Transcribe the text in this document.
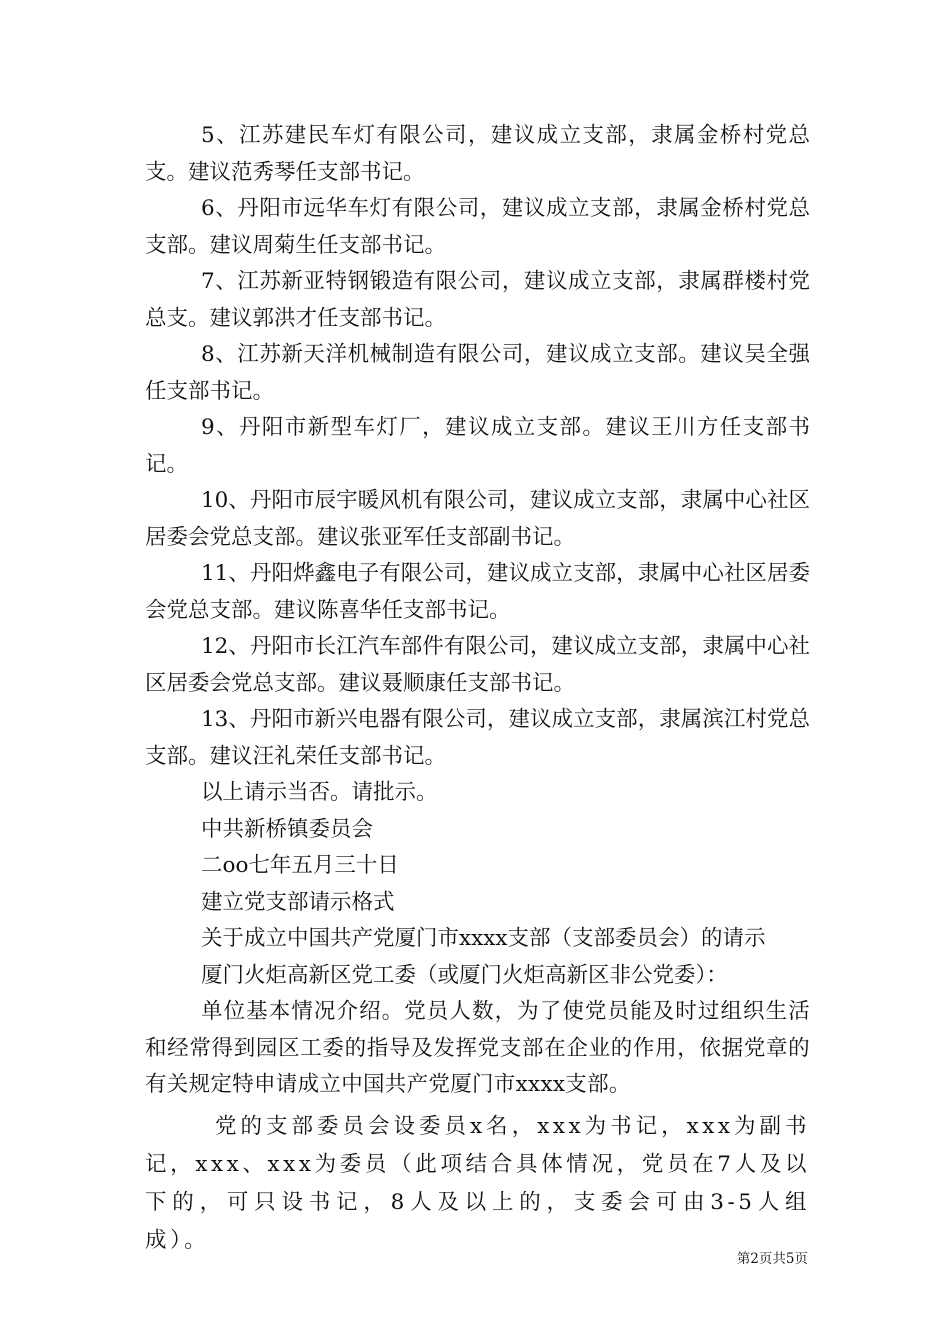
5、江苏建民车灯有限公司，建议成立支部，隶属金桥村党总支。建议范秀琴任支部书记。

6、丹阳市远华车灯有限公司，建议成立支部，隶属金桥村党总支部。建议周菊生任支部书记。

7、江苏新亚特钢锻造有限公司，建议成立支部，隶属群楼村党总支。建议郭洪才任支部书记。

8、江苏新天洋机械制造有限公司，建议成立支部。建议吴全强任支部书记。

9、丹阳市新型车灯厂，建议成立支部。建议王川方任支部书记。

10、丹阳市辰宇暖风机有限公司，建议成立支部，隶属中心社区居委会党总支部。建议张亚军任支部副书记。

11、丹阳烨鑫电子有限公司，建议成立支部，隶属中心社区居委会党总支部。建议陈喜华任支部书记。

12、丹阳市长江汽车部件有限公司，建议成立支部，隶属中心社区居委会党总支部。建议聂顺康任支部书记。

13、丹阳市新兴电器有限公司，建议成立支部，隶属滨江村党总支部。建议汪礼荣任支部书记。

以上请示当否。请批示。

中共新桥镇委员会

二oo七年五月三十日

建立党支部请示格式

关于成立中国共产党厦门市xxxx支部（支部委员会）的请示

厦门火炬高新区党工委（或厦门火炬高新区非公党委）：

单位基本情况介绍。党员人数，为了使党员能及时过组织生活和经常得到园区工委的指导及发挥党支部在企业的作用，依据党章的有关规定特申请成立中国共产党厦门市xxxx支部。

党的支部委员会设委员x名，xxx为书记，xxx为副书记，xxx、xxx为委员（此项结合具体情况，党员在7人及以下的，可只设书记，8人及以上的，支委会可由3-5人组成）。

第2页共5页
